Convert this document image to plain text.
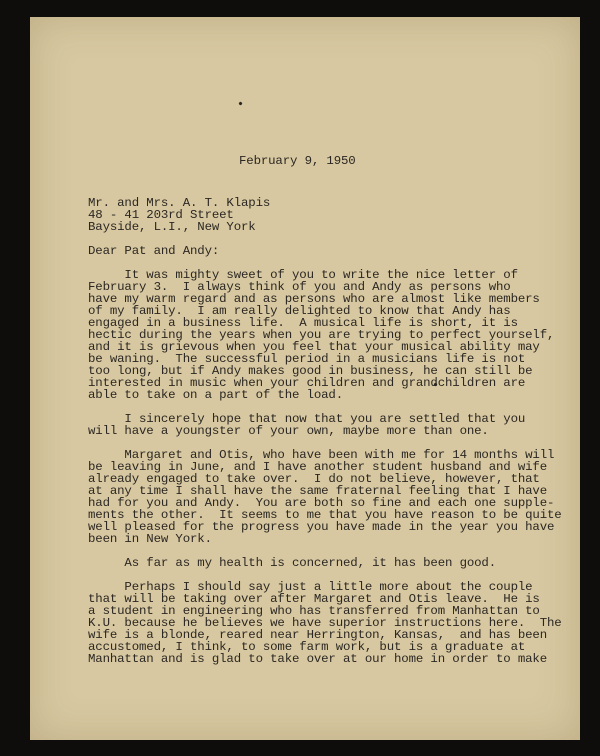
February 9, 1950

Mr. and Mrs. A. T. Klapis

48 - 41 203rd Street

Bayside, L.I., New York

Dear Pat and Andy:

It was mighty sweet of you to write the nice letter of

February 3.  I always think of you and Andy as persons who

have my warm regard and as persons who are almost like members

of my family.  I am really delighted to know that Andy has

engaged in a business life.  A musical life is short, it is

hectic during the years when you are trying to perfect yourself,

and it is grievous when you feel that your musical ability may

be waning.  The successful period in a musicians life is not

too long, but if Andy makes good in business, he can still be

interested in music when your children and grandchildren are

able to take on a part of the load.

I sincerely hope that now that you are settled that you

will have a youngster of your own, maybe more than one.

Margaret and Otis, who have been with me for 14 months will

be leaving in June, and I have another student husband and wife

already engaged to take over.  I do not believe, however, that

at any time I shall have the same fraternal feeling that I have

had for you and Andy.  You are both so fine and each one supple-

ments the other.  It seems to me that you have reason to be quite

well pleased for the progress you have made in the year you have

been in New York.

As far as my health is concerned, it has been good.

Perhaps I should say just a little more about the couple

that will be taking over after Margaret and Otis leave.  He is

a student in engineering who has transferred from Manhattan to

K.U. because he believes we have superior instructions here.  The

wife is a blonde, reared near Herrington, Kansas,  and has been

accustomed, I think, to some farm work, but is a graduate at

Manhattan and is glad to take over at our home in order to make
